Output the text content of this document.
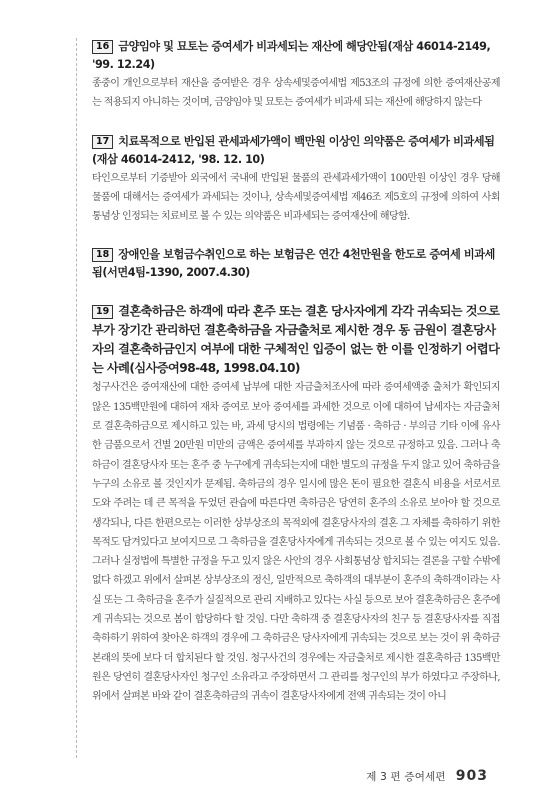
16 금양임야 및 묘토는 증여세가 비과세되는 재산에 해당안됨(재삼 46014-2149, '99. 12.24)

종중이 개인으로부터 재산을 증여받은 경우 상속세및증여세법 제53조의 규정에 의한 증여재산공제는 적용되지 아니하는 것이며, 금양임야 및 묘토는 증여세가 비과세 되는 재산에 해당하지 않는다

17 치료목적으로 반입된 관세과세가액이 백만원 이상인 의약품은 증여세가 비과세됨(재삼 46014-2412, '98. 12. 10)

타인으로부터 기증받아 외국에서 국내에 반입된 물품의 관세과세가액이 100만원 이상인 경우 당해 물품에 대해서는 증여세가 과세되는 것이나, 상속세및증여세법 제46조 제5호의 규정에 의하여 사회통념상 인정되는 치료비로 볼 수 있는 의약품은 비과세되는 증여재산에 해당함.

18 장애인을 보험금수취인으로 하는 보험금은 연간 4천만원을 한도로 증여세 비과세됨(서면4팀-1390, 2007.4.30)

19 결혼축하금은 하객에 따라 혼주 또는 결혼 당사자에게 각각 귀속되는 것으로 부가 장기간 관리하던 결혼축하금을 자금출처로 제시한 경우 동 금원이 결혼당사자의 결혼축하금인지 여부에 대한 구체적인 입증이 없는 한 이를 인정하기 어렵다는 사례(심사증여98-48, 1998.04.10)

청구사건은 증여재산에 대한 증여세 납부에 대한 자금출처조사에 따라 증여세액중 출처가 확인되지 않은 135백만원에 대하여 재차 증여로 보아 증여세를 과세한 것으로 이에 대하여 납세자는 자금출처로 결혼축하금으로 제시하고 있는 바, 과세 당시의 법령에는 기념품 · 축하금 · 부의금 기타 이에 유사한 금품으로서 건별 20만원 미만의 금액은 증여세를 부과하지 않는 것으로 규정하고 있음. 그러나 축하금이 결혼당사자 또는 혼주 중 누구에게 귀속되는지에 대한 별도의 규정을 두지 않고 있어 축하금을 누구의 소유로 볼 것인지가 문제됨. 축하금의 경우 일시에 많은 돈이 필요한 결혼식 비용을 서로서로 도와 주려는 데 큰 목적을 두었던 관습에 따른다면 축하금은 당연히 혼주의 소유로 보아야 할 것으로 생각되나, 다른 한편으로는 이러한 상부상조의 목적외에 결혼당사자의 결혼 그 자체를 축하하기 위한 목적도 담겨있다고 보여지므로 그 축하금을 결혼당사자에게 귀속되는 것으로 볼 수 있는 여지도 있음. 그러나 실정법에 특별한 규정을 두고 있지 않은 사안의 경우 사회통념상 합치되는 결론을 구할 수밖에 없다 하겠고 위에서 살펴본 상부상조의 정신, 일반적으로 축하객의 대부분이 혼주의 축하객이라는 사실 또는 그 축하금을 혼주가 실질적으로 관리 지배하고 있다는 사실 등으로 보아 결혼축하금은 혼주에게 귀속되는 것으로 봄이 합당하다 할 것임. 다만 축하객 중 결혼당사자의 친구 등 결혼당사자를 직접 축하하기 위하여 찾아온 하객의 경우에 그 축하금은 당사자에게 귀속되는 것으로 보는 것이 위 축하금 본래의 뜻에 보다 더 합치된다 할 것임. 청구사건의 경우에는 자금출처로 제시한 결혼축하금 135백만원은 당연히 결혼당사자인 청구인 소유라고 주장하면서 그 관리를 청구인의 부가 하였다고 주장하나, 위에서 살펴본 바와 같이 결혼축하금의 귀속이 결혼당사자에게 전액 귀속되는 것이 아니

제 3 편 증여세편 903
